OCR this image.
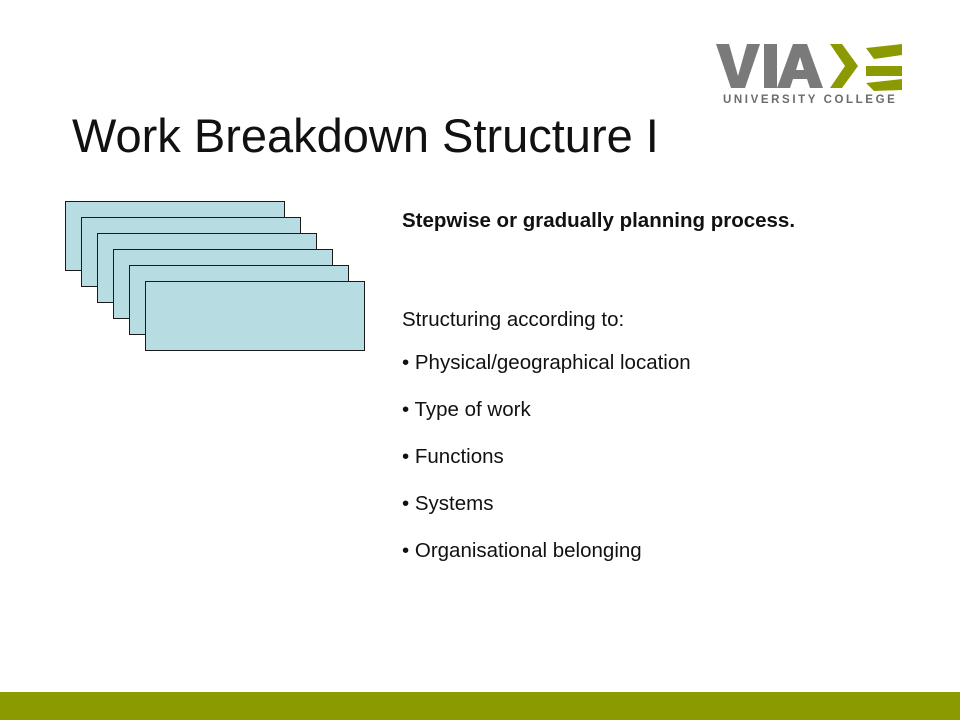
UNIVERSITY COLLEGE
Work Breakdown Structure I

Stepwise or gradually planning process.

Structuring according to:

• Physical/geographical location
• Type of work
• Functions
• Systems
• Organisational belonging
